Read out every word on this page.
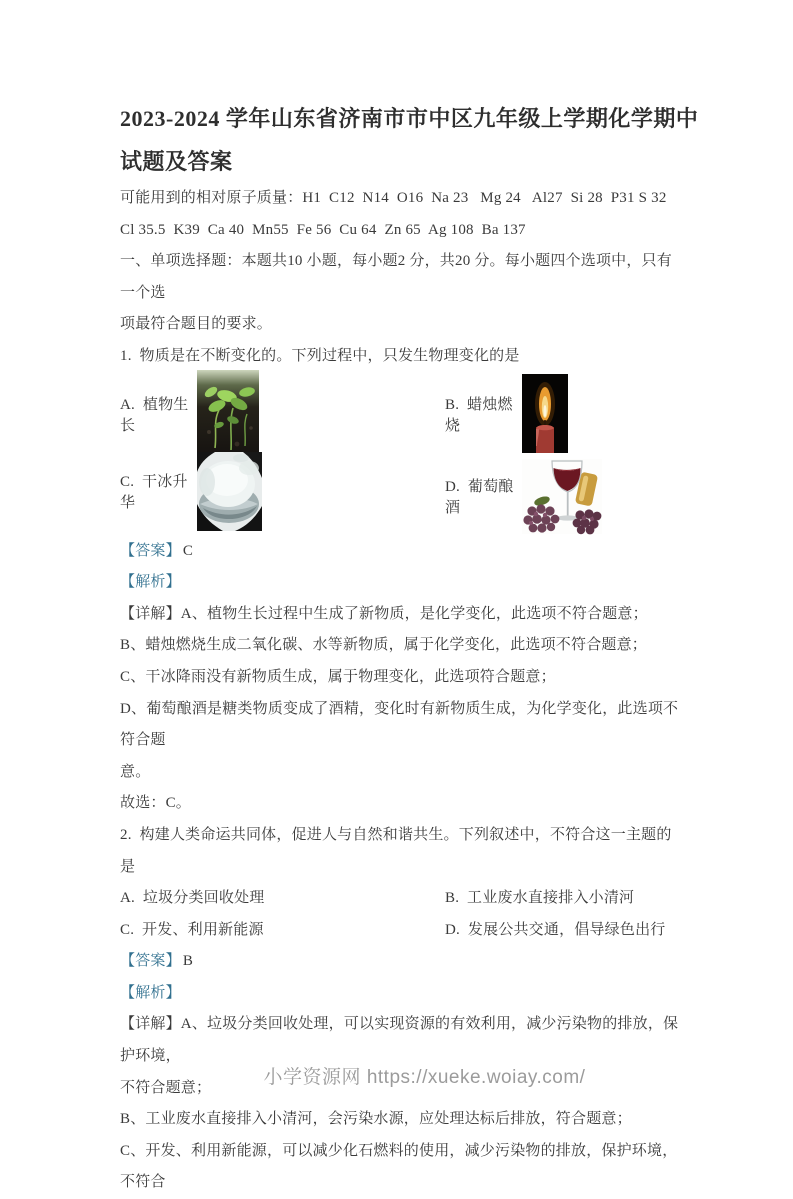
2023-2024 学年山东省济南市市中区九年级上学期化学期中
试题及答案
可能用到的相对原子质量：H1  C12  N14  O16  Na 23   Mg 24   Al27  Si 28  P31 S 32
Cl 35.5  K39  Ca 40  Mn55  Fe 56  Cu 64  Zn 65  Ag 108  Ba 137
一、单项选择题：本题共10 小题，每小题2 分，共20 分。每小题四个选项中，只有一个选
项最符合题目的要求。
1.  物质是在不断变化的。下列过程中，只发生物理变化的是
A.  植物生长
B.  蜡烛燃烧
C.  干冰升华
D.  葡萄酿酒
【答案】 C
【解析】
【详解】A、植物生长过程中生成了新物质，是化学变化，此选项不符合题意；
B、蜡烛燃烧生成二氧化碳、水等新物质，属于化学变化，此选项不符合题意；
C、干冰降雨没有新物质生成，属于物理变化，此选项符合题意；
D、葡萄酿酒是糖类物质变成了酒精，变化时有新物质生成，为化学变化，此选项不符合题
意。
故选：C。
2.  构建人类命运共同体，促进人与自然和谐共生。下列叙述中，不符合这一主题的是
A.  垃圾分类回收处理	B.  工业废水直接排入小清河
C.  开发、利用新能源	D.  发展公共交通，倡导绿色出行
【答案】 B
【解析】
【详解】A、垃圾分类回收处理，可以实现资源的有效利用，减少污染物的排放，保护环境，
不符合题意；
B、工业废水直接排入小清河，会污染水源，应处理达标后排放，符合题意；
C、开发、利用新能源，可以减少化石燃料的使用，减少污染物的排放，保护环境，不符合
小学资源网 https://xueke.woiay.com/
